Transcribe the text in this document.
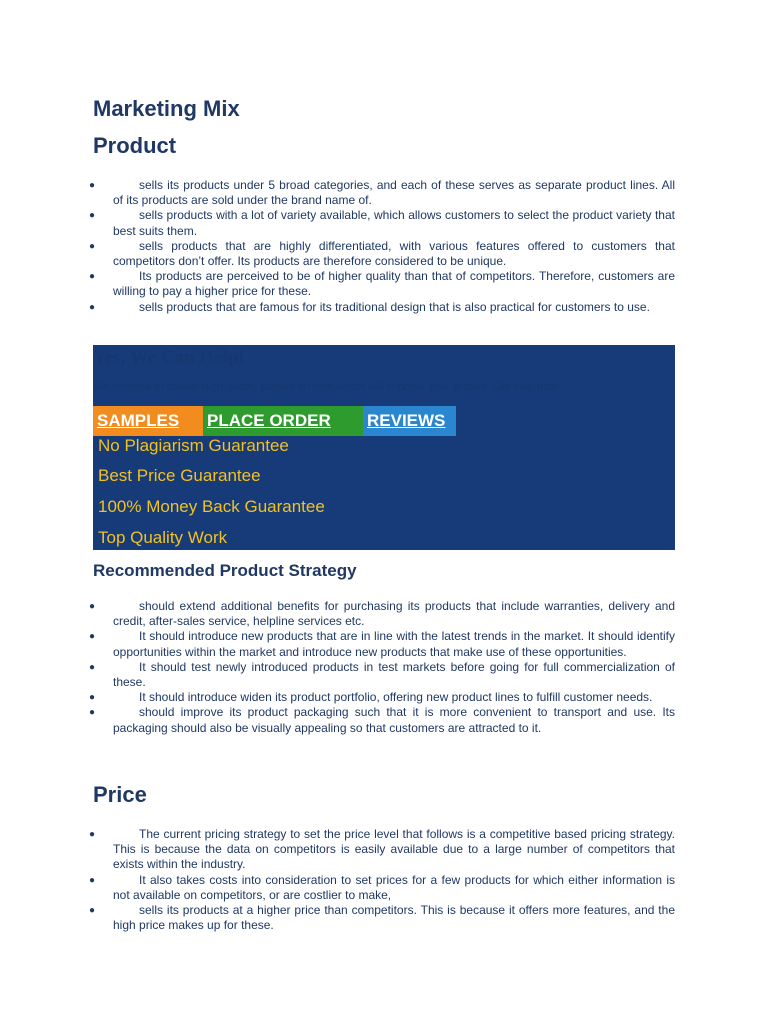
Marketing Mix
Product
●	sells its products under 5 broad categories, and each of these serves as separate product lines. All of its products are sold under the brand name of.
●	sells products with a lot of variety available, which allows customers to select the product variety that best suits them.
●	sells products that are highly differentiated, with various features offered to customers that competitors don’t offer. Its products are therefore considered to be unique.
●	Its products are perceived to be of higher quality than that of competitors. Therefore, customers are willing to pay a higher price for these.
●	sells products that are famous for its traditional design that is also practical for customers to use.
Yes, We Can Help!
We promise to deliver high quality papers on time which will improve your grades. Get help now
SAMPLES	PLACE ORDER	REVIEWS
No Plagiarism Guarantee
Best Price Guarantee
100% Money Back Guarantee
Top Quality Work
Recommended Product Strategy
●	should extend additional benefits for purchasing its products that include warranties, delivery and credit, after-sales service, helpline services etc.
●	It should introduce new products that are in line with the latest trends in the market. It should identify opportunities within the market and introduce new products that make use of these opportunities.
●	It should test newly introduced products in test markets before going for full commercialization of these.
●	It should introduce widen its product portfolio, offering new product lines to fulfill customer needs.
●	should improve its product packaging such that it is more convenient to transport and use. Its packaging should also be visually appealing so that customers are attracted to it.
Price
●	The current pricing strategy to set the price level that follows is a competitive based pricing strategy. This is because the data on competitors is easily available due to a large number of competitors that exists within the industry.
●	It also takes costs into consideration to set prices for a few products for which either information is not available on competitors, or are costlier to make,
●	sells its products at a higher price than competitors. This is because it offers more features, and the high price makes up for these.
